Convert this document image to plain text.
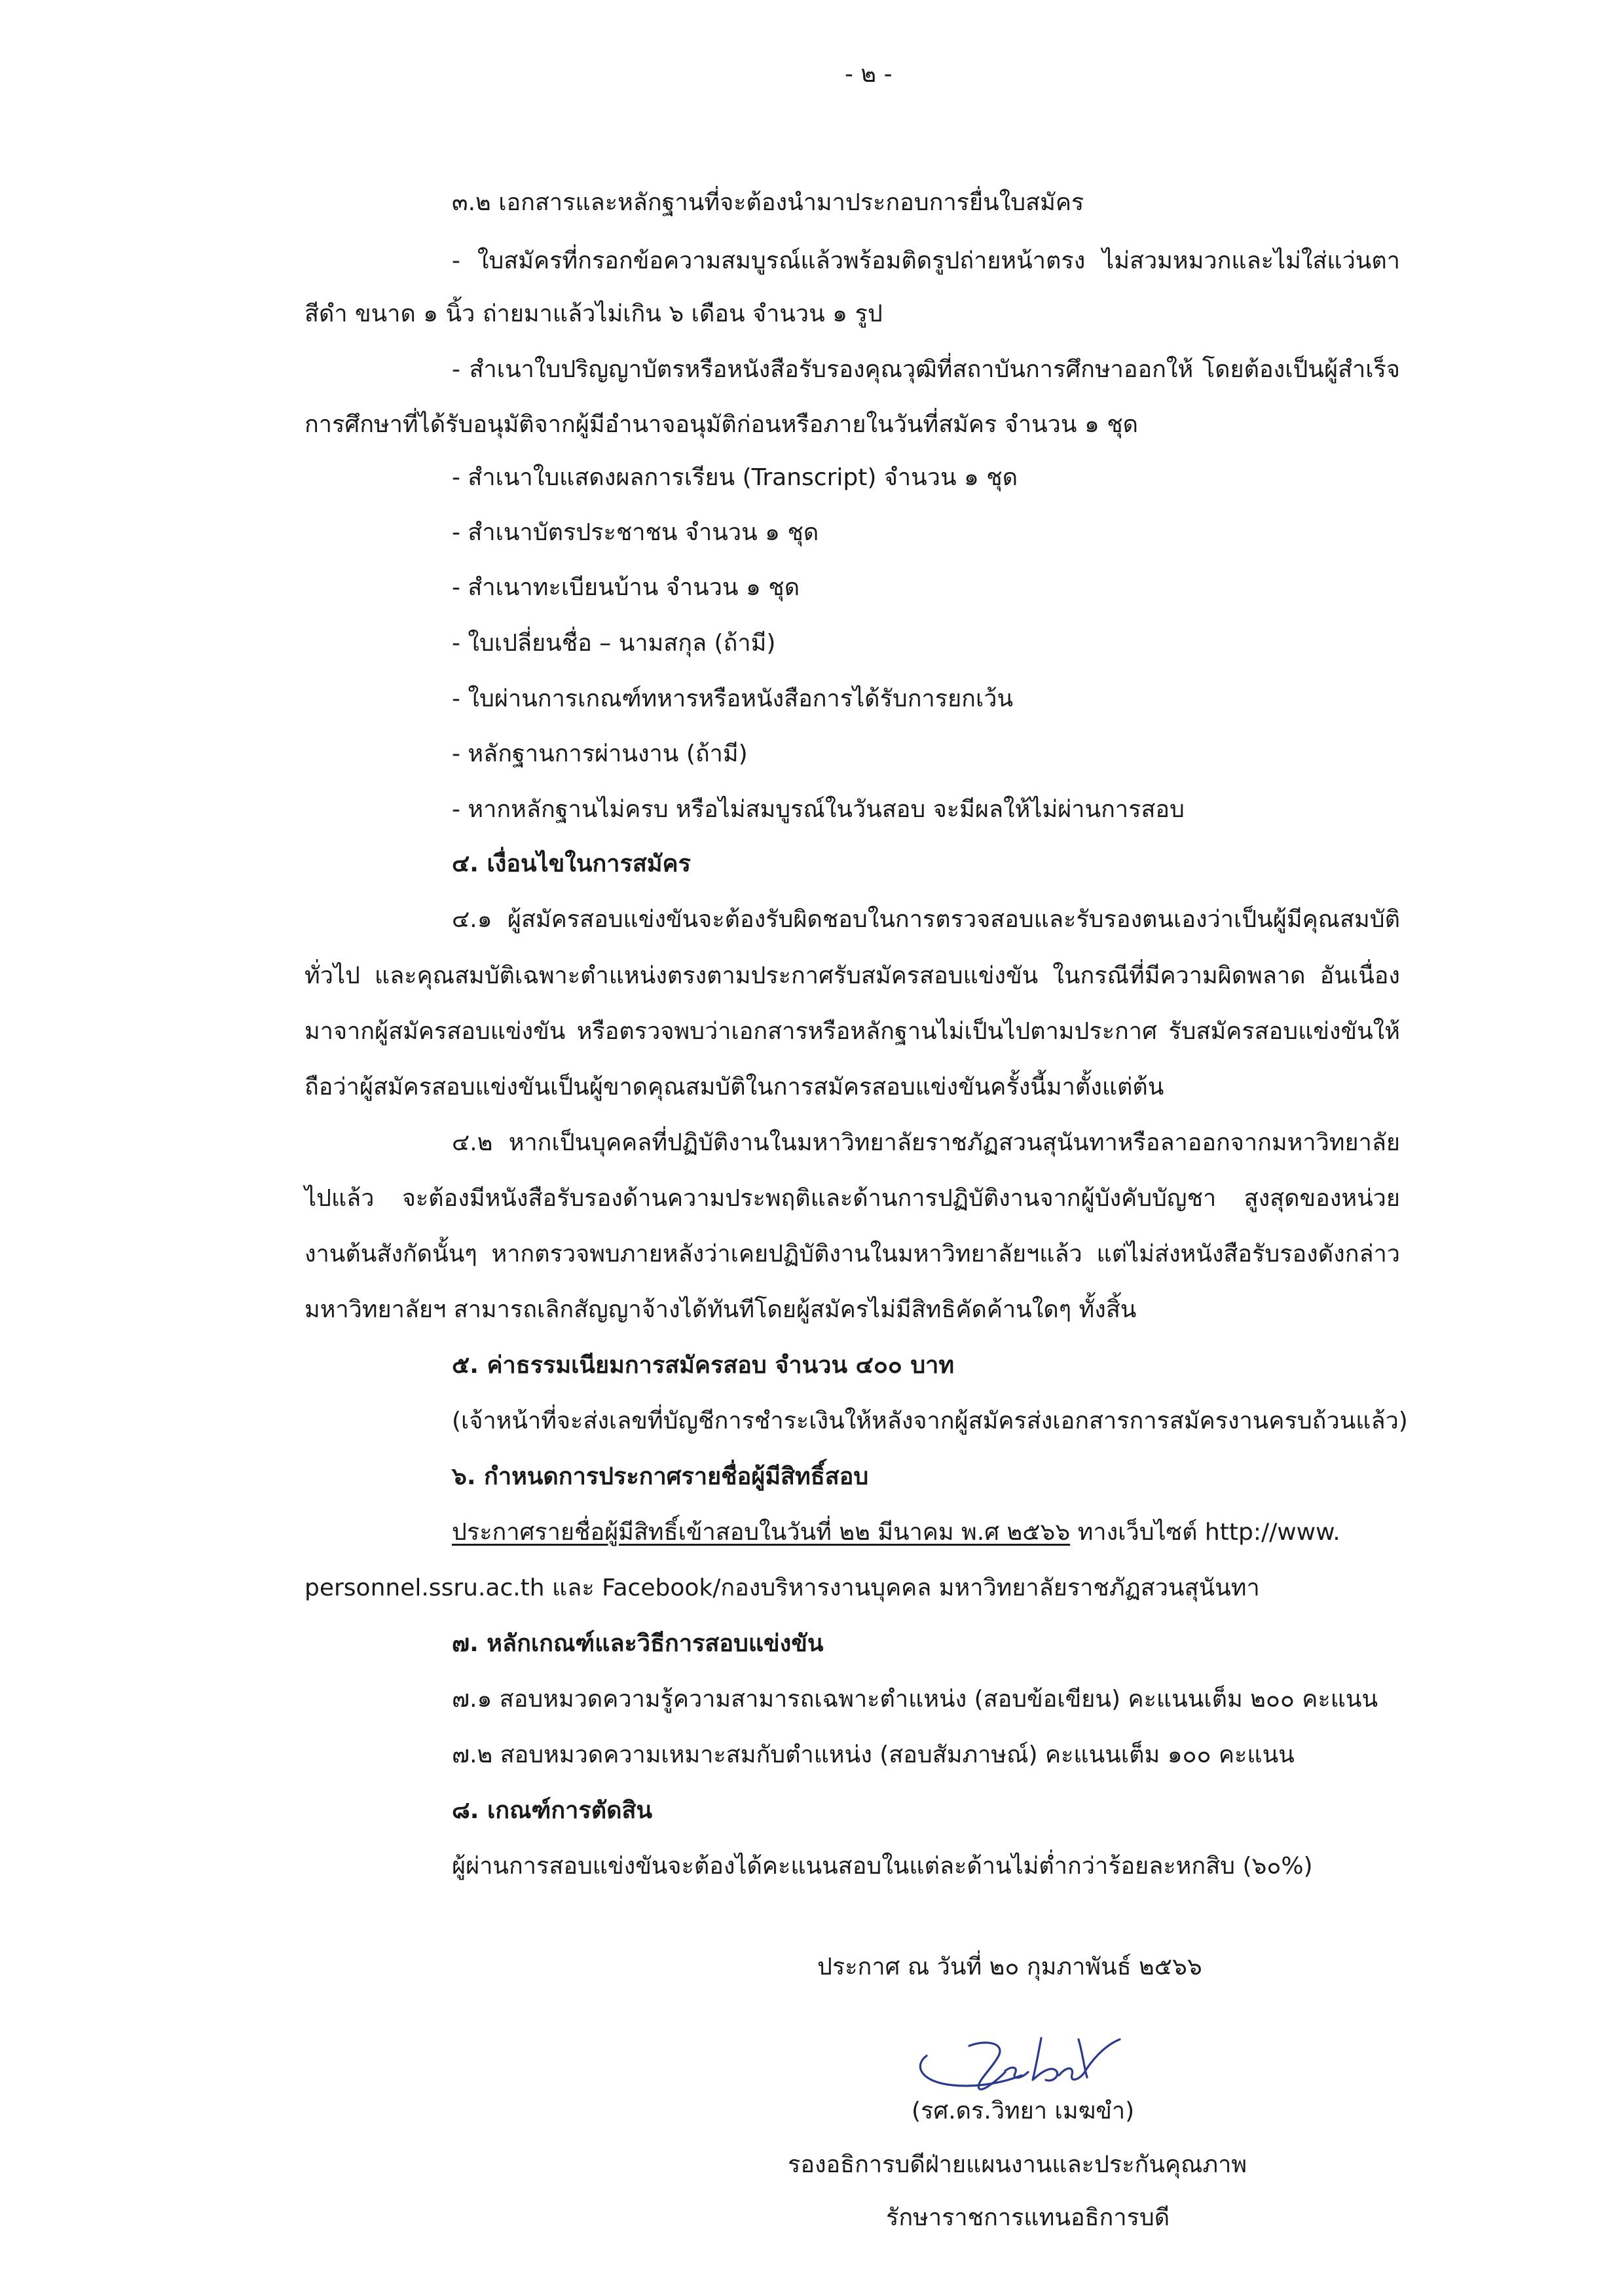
- ๒ -

๓.๒ เอกสารและหลักฐานที่จะต้องนำมาประกอบการยื่นใบสมัคร

- ใบสมัครที่กรอกข้อความสมบูรณ์แล้วพร้อมติดรูปถ่ายหน้าตรง ไม่สวมหมวกและไม่ใส่แว่นตา

สีดำ ขนาด ๑ นิ้ว ถ่ายมาแล้วไม่เกิน ๖ เดือน จำนวน ๑ รูป

- สำเนาใบปริญญาบัตรหรือหนังสือรับรองคุณวุฒิที่สถาบันการศึกษาออกให้ โดยต้องเป็นผู้สำเร็จ

การศึกษาที่ได้รับอนุมัติจากผู้มีอำนาจอนุมัติก่อนหรือภายในวันที่สมัคร จำนวน ๑ ชุด

- สำเนาใบแสดงผลการเรียน (Transcript) จำนวน ๑ ชุด

- สำเนาบัตรประชาชน จำนวน ๑ ชุด

- สำเนาทะเบียนบ้าน จำนวน ๑ ชุด

- ใบเปลี่ยนชื่อ – นามสกุล (ถ้ามี)

- ใบผ่านการเกณฑ์ทหารหรือหนังสือการได้รับการยกเว้น

- หลักฐานการผ่านงาน (ถ้ามี)

- หากหลักฐานไม่ครบ หรือไม่สมบูรณ์ในวันสอบ จะมีผลให้ไม่ผ่านการสอบ

๔. เงื่อนไขในการสมัคร

๔.๑ ผู้สมัครสอบแข่งขันจะต้องรับผิดชอบในการตรวจสอบและรับรองตนเองว่าเป็นผู้มีคุณสมบัติ

ทั่วไป และคุณสมบัติเฉพาะตำแหน่งตรงตามประกาศรับสมัครสอบแข่งขัน ในกรณีที่มีความผิดพลาด อันเนื่อง

มาจากผู้สมัครสอบแข่งขัน หรือตรวจพบว่าเอกสารหรือหลักฐานไม่เป็นไปตามประกาศ รับสมัครสอบแข่งขันให้

ถือว่าผู้สมัครสอบแข่งขันเป็นผู้ขาดคุณสมบัติในการสมัครสอบแข่งขันครั้งนี้มาตั้งแต่ต้น

๔.๒ หากเป็นบุคคลที่ปฏิบัติงานในมหาวิทยาลัยราชภัฏสวนสุนันทาหรือลาออกจากมหาวิทยาลัย

ไปแล้ว จะต้องมีหนังสือรับรองด้านความประพฤติและด้านการปฏิบัติงานจากผู้บังคับบัญชา สูงสุดของหน่วย

งานต้นสังกัดนั้นๆ หากตรวจพบภายหลังว่าเคยปฏิบัติงานในมหาวิทยาลัยฯแล้ว แต่ไม่ส่งหนังสือรับรองดังกล่าว

มหาวิทยาลัยฯ สามารถเลิกสัญญาจ้างได้ทันทีโดยผู้สมัครไม่มีสิทธิคัดค้านใดๆ ทั้งสิ้น

๕. ค่าธรรมเนียมการสมัครสอบ จำนวน ๔๐๐ บาท

(เจ้าหน้าที่จะส่งเลขที่บัญชีการชำระเงินให้หลังจากผู้สมัครส่งเอกสารการสมัครงานครบถ้วนแล้ว)

๖. กำหนดการประกาศรายชื่อผู้มีสิทธิ์สอบ

ประกาศรายชื่อผู้มีสิทธิ์เข้าสอบในวันที่ ๒๒ มีนาคม พ.ศ ๒๕๖๖ ทางเว็บไซต์ http://www.

personnel.ssru.ac.th และ Facebook/กองบริหารงานบุคคล มหาวิทยาลัยราชภัฏสวนสุนันทา

๗. หลักเกณฑ์และวิธีการสอบแข่งขัน

๗.๑ สอบหมวดความรู้ความสามารถเฉพาะตำแหน่ง (สอบข้อเขียน) คะแนนเต็ม ๒๐๐ คะแนน

๗.๒ สอบหมวดความเหมาะสมกับตำแหน่ง (สอบสัมภาษณ์) คะแนนเต็ม ๑๐๐ คะแนน

๘. เกณฑ์การตัดสิน

ผู้ผ่านการสอบแข่งขันจะต้องได้คะแนนสอบในแต่ละด้านไม่ต่ำกว่าร้อยละหกสิบ (๖๐%)

ประกาศ ณ วันที่ ๒๐ กุมภาพันธ์ ๒๕๖๖

(รศ.ดร.วิทยา เมฆขำ)

รองอธิการบดีฝ่ายแผนงานและประกันคุณภาพ

รักษาราชการแทนอธิการบดี
